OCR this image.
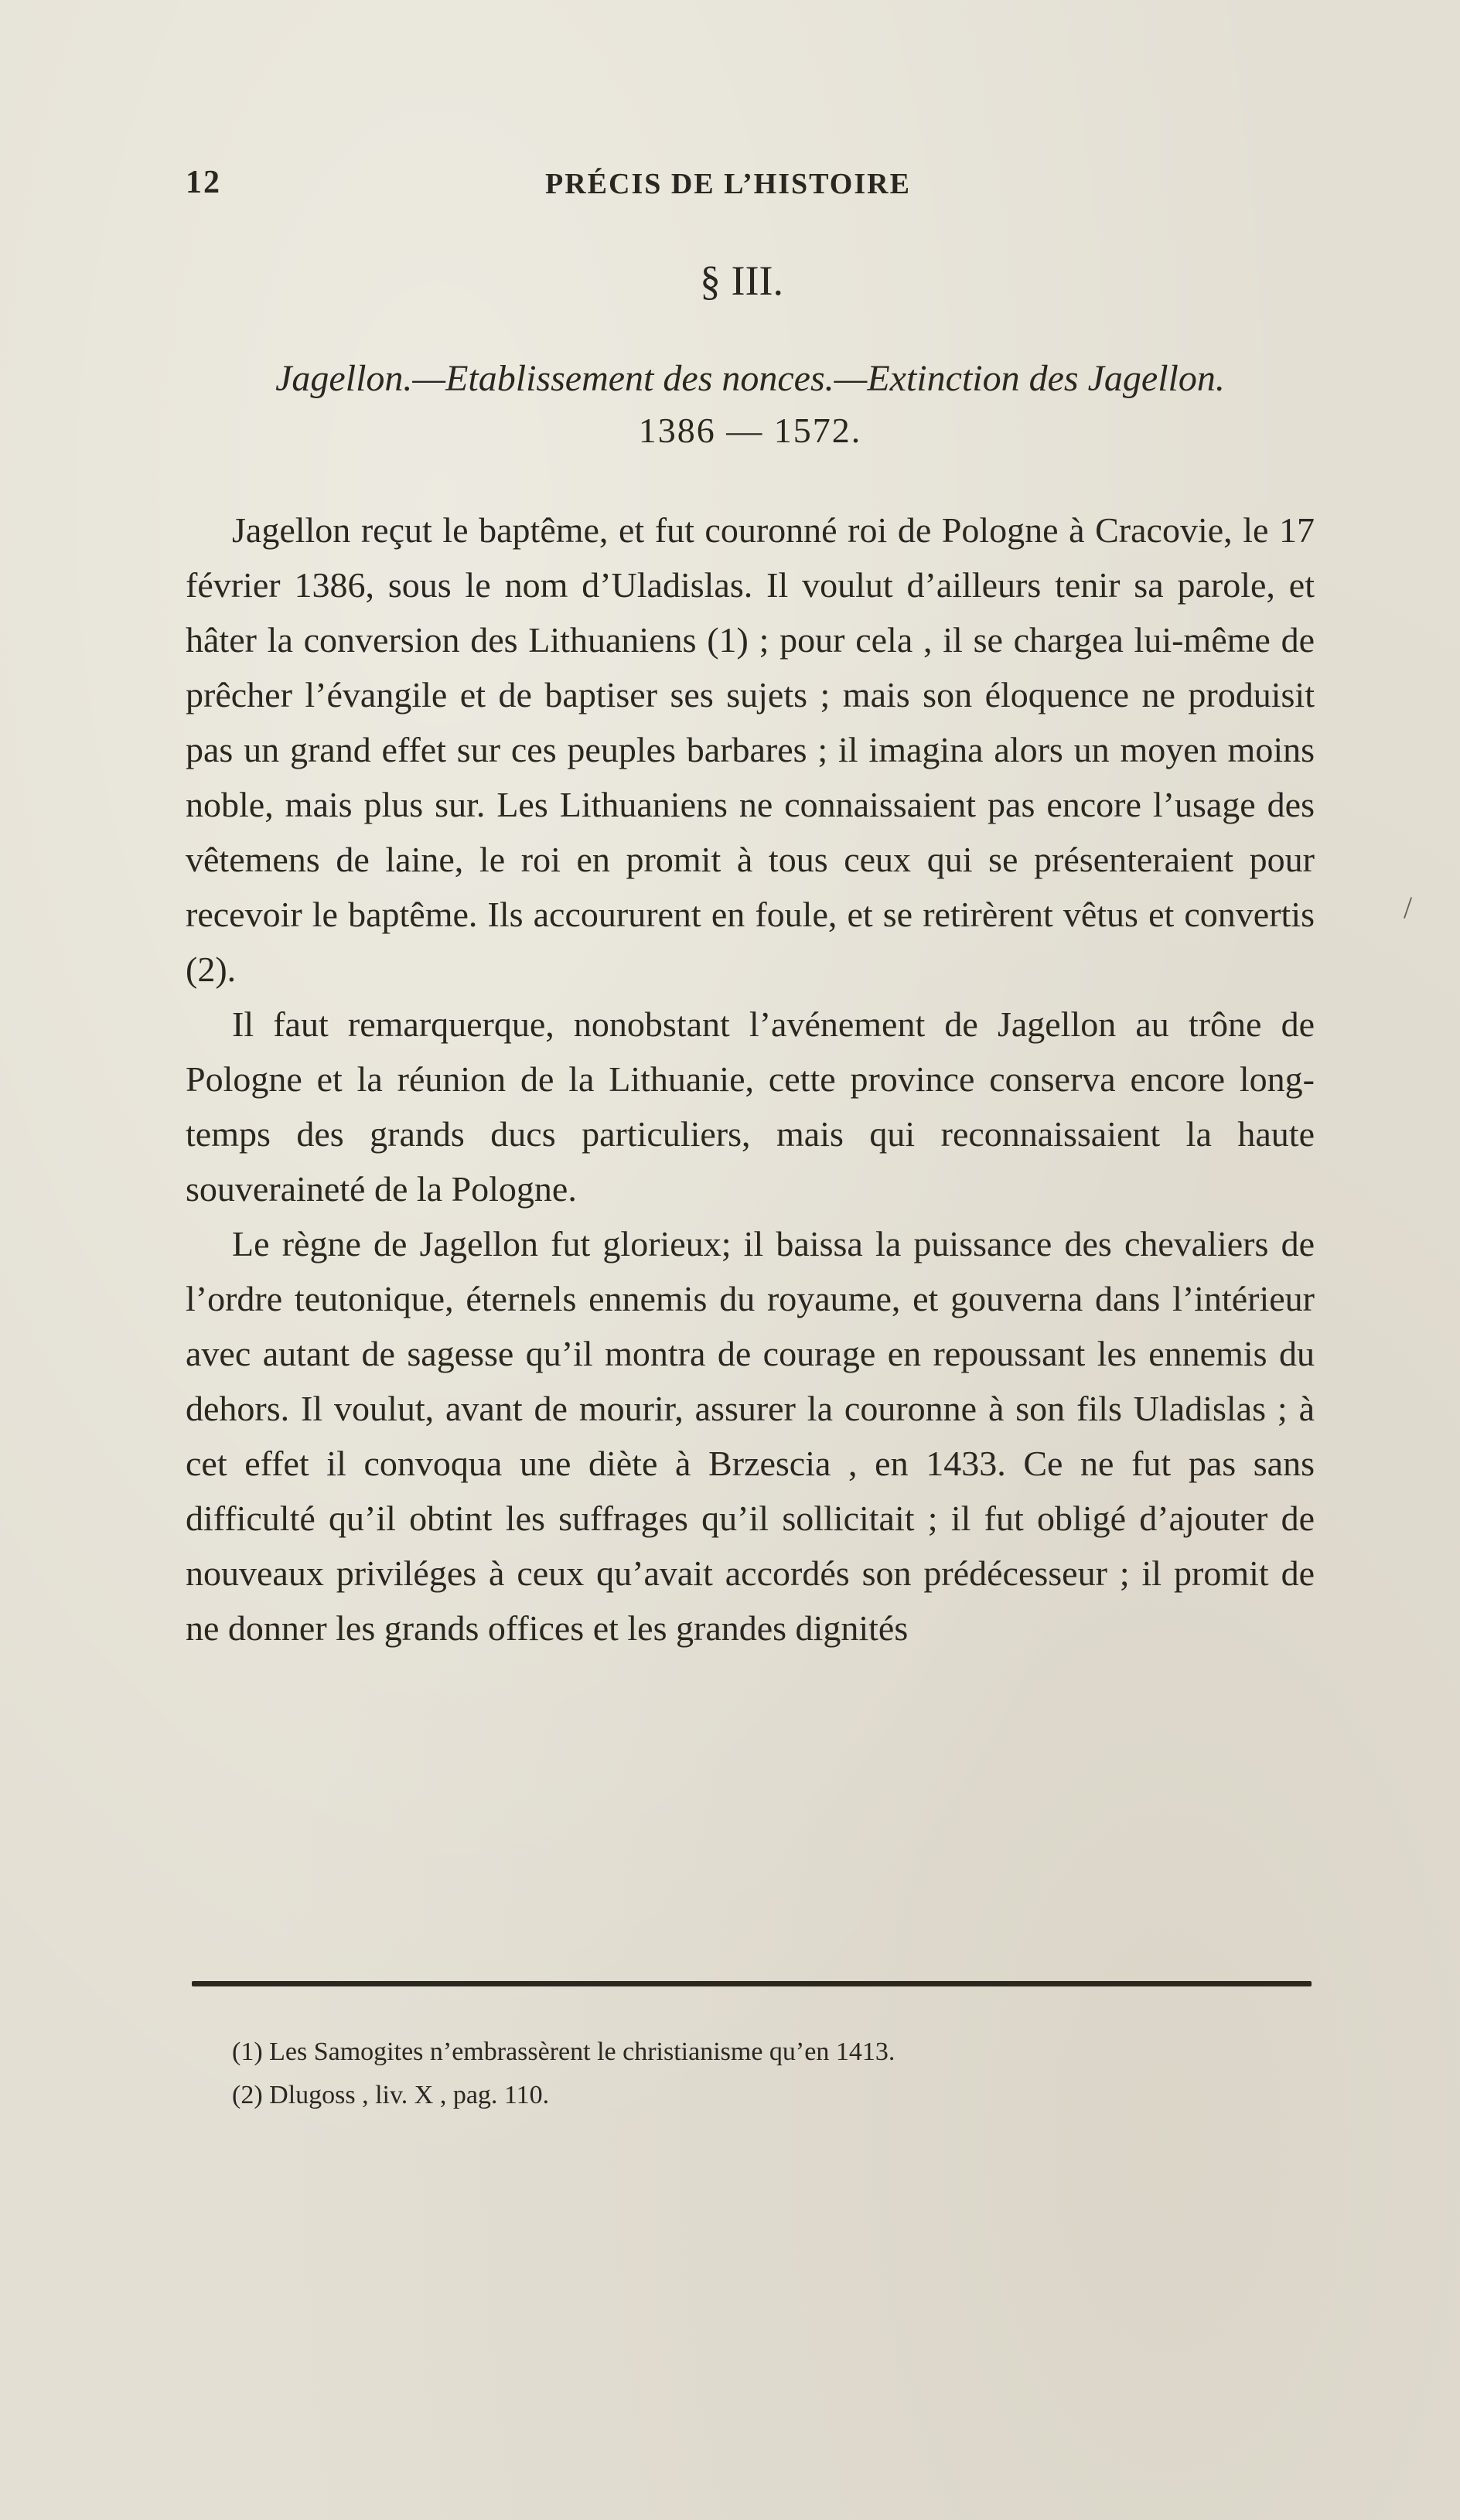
12	PRÉCIS DE L’HISTOIRE
§ III.
Jagellon.—Etablissement des nonces.—Extinction des Jagellon.
1386 — 1572.

Jagellon reçut le baptême, et fut couronné roi de Pologne à Cracovie, le 17 février 1386, sous le nom d’Uladislas. Il voulut d’ailleurs tenir sa parole, et hâter la conversion des Lithuaniens (1) ; pour cela , il se chargea lui-même de prêcher l’évangile et de baptiser ses sujets ; mais son éloquence ne produisit pas un grand effet sur ces peuples barbares ; il imagina alors un moyen moins noble, mais plus sur. Les Lithuaniens ne connaissaient pas encore l’usage des vêtemens de laine, le roi en promit à tous ceux qui se présenteraient pour recevoir le baptême. Ils accoururent en foule, et se retirèrent vêtus et convertis (2).

Il faut remarquerque, nonobstant l’avénement de Jagellon au trône de Pologne et la réunion de la Lithuanie, cette province conserva encore long-temps des grands ducs particuliers, mais qui reconnaissaient la haute souveraineté de la Pologne.

Le règne de Jagellon fut glorieux; il baissa la puissance des chevaliers de l’ordre teutonique, éternels ennemis du royaume, et gouverna dans l’intérieur avec autant de sagesse qu’il montra de courage en repoussant les ennemis du dehors. Il voulut, avant de mourir, assurer la couronne à son fils Uladislas ; à cet effet il convoqua une diète à Brzescia , en 1433. Ce ne fut pas sans difficulté qu’il obtint les suffrages qu’il sollicitait ; il fut obligé d’ajouter de nouveaux priviléges à ceux qu’avait accordés son prédécesseur ; il promit de ne donner les grands offices et les grandes dignités

(1) Les Samogites n’embrassèrent le christianisme qu’en 1413.
(2) Dlugoss , liv. X , pag. 110.
/
